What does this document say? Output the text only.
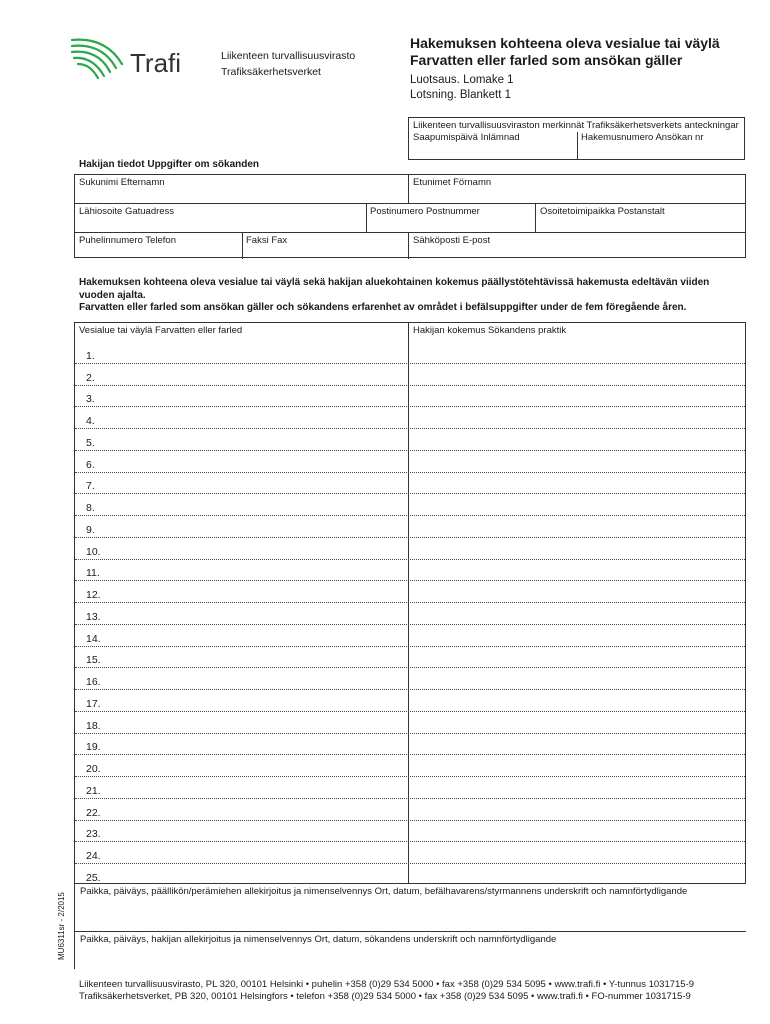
Trafi	Liikenteen turvallisuusvirasto
Trafiksäkerhetsverket
Hakemuksen kohteena oleva vesialue tai väylä
Farvatten eller farled som ansökan gäller
Luotsaus. Lomake 1
Lotsning. Blankett 1
Liikenteen turvallisuusviraston merkinnät Trafiksäkerhetsverkets anteckningar
Saapumispäivä Inlämnad	Hakemusnumero Ansökan nr
Hakijan tiedot Uppgifter om sökanden
Sukunimi Efternamn	Etunimet Förnamn
Lähiosoite Gatuadress	Postinumero Postnummer	Osoitetoimipaikka Postanstalt
Puhelinnumero Telefon	Faksi Fax	Sähköposti E-post
Hakemuksen kohteena oleva vesialue tai väylä sekä hakijan aluekohtainen kokemus päällystötehtävissä hakemusta edeltävän viiden vuoden ajalta.
Farvatten eller farled som ansökan gäller och sökandens erfarenhet av området i befälsuppgifter under de fem föregående åren.
Vesialue tai väylä Farvatten eller farled	Hakijan kokemus Sökandens praktik
1.
2.
3.
4.
5.
6.
7.
8.
9.
10.
11.
12.
13.
14.
15.
16.
17.
18.
19.
20.
21.
22.
23.
24.
25.
Paikka, päiväys, päällikön/perämiehen allekirjoitus ja nimenselvennys Ort, datum, befälhavarens/styrmannens underskrift och namnförtydligande
Paikka, päiväys, hakijan allekirjoitus ja nimenselvennys Ort, datum, sökandens underskrift och namnförtydligande
MU6311sr - 2/2015
Liikenteen turvallisuusvirasto, PL 320, 00101 Helsinki • puhelin +358 (0)29 534 5000 • fax +358 (0)29 534 5095 • www.trafi.fi • Y-tunnus 1031715-9
Trafiksäkerhetsverket, PB 320, 00101 Helsingfors • telefon +358 (0)29 534 5000 • fax +358 (0)29 534 5095 • www.trafi.fi • FO-nummer 1031715-9
